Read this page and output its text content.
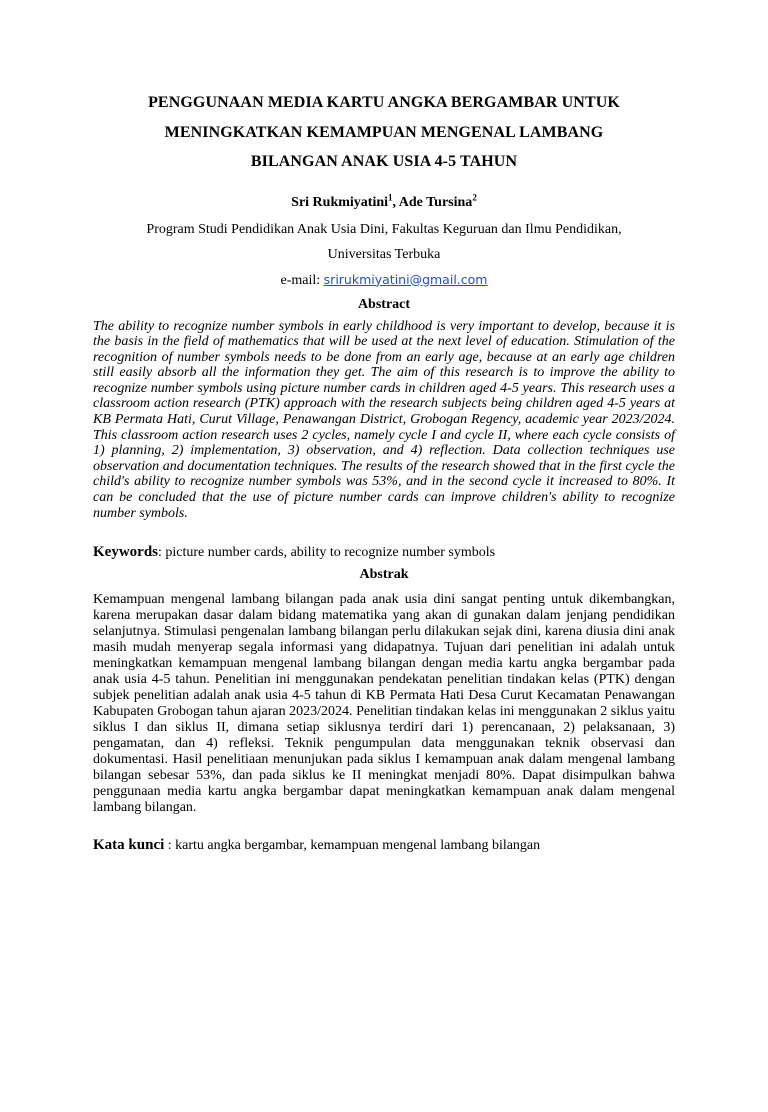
PENGGUNAAN MEDIA KARTU ANGKA BERGAMBAR UNTUK
MENINGKATKAN KEMAMPUAN MENGENAL LAMBANG
BILANGAN ANAK USIA 4-5 TAHUN
Sri Rukmiyatini$^1$, Ade Tursina$^2$
Program Studi Pendidikan Anak Usia Dini, Fakultas Keguruan dan Ilmu Pendidikan,
Universitas Terbuka
e-mail: srirukmiyatini@gmail.com
Abstract
The ability to recognize number symbols in early childhood is very important to develop, because it is the basis in the field of mathematics that will be used at the next level of education. Stimulation of the recognition of number symbols needs to be done from an early age, because at an early age children still easily absorb all the information they get. The aim of this research is to improve the ability to recognize number symbols using picture number cards in children aged 4-5 years. This research uses a classroom action research (PTK) approach with the research subjects being children aged 4-5 years at KB Permata Hati, Curut Village, Penawangan District, Grobogan Regency, academic year 2023/2024. This classroom action research uses 2 cycles, namely cycle I and cycle II, where each cycle consists of 1) planning, 2) implementation, 3) observation, and 4) reflection. Data collection techniques use observation and documentation techniques. The results of the research showed that in the first cycle the child's ability to recognize number symbols was 53%, and in the second cycle it increased to 80%. It can be concluded that the use of picture number cards can improve children's ability to recognize number symbols.
Keywords: picture number cards, ability to recognize number symbols
Abstrak
Kemampuan mengenal lambang bilangan pada anak usia dini sangat penting untuk dikembangkan, karena merupakan dasar dalam bidang matematika yang akan di gunakan dalam jenjang pendidikan selanjutnya. Stimulasi pengenalan lambang bilangan perlu dilakukan sejak dini, karena diusia dini anak masih mudah menyerap segala informasi yang didapatnya. Tujuan dari penelitian ini adalah untuk meningkatkan kemampuan mengenal lambang bilangan dengan media kartu angka bergambar pada anak usia 4-5 tahun. Penelitian ini menggunakan pendekatan penelitian tindakan kelas (PTK) dengan subjek penelitian adalah anak usia 4-5 tahun di KB Permata Hati Desa Curut Kecamatan Penawangan Kabupaten Grobogan tahun ajaran 2023/2024. Penelitian tindakan kelas ini menggunakan 2 siklus yaitu siklus I dan siklus II, dimana setiap siklusnya terdiri dari 1) perencanaan, 2) pelaksanaan, 3) pengamatan, dan 4) refleksi. Teknik pengumpulan data menggunakan teknik observasi dan dokumentasi. Hasil penelitiaan menunjukan pada siklus I kemampuan anak dalam mengenal lambang bilangan sebesar 53%, dan pada siklus ke II meningkat menjadi 80%. Dapat disimpulkan bahwa penggunaan media kartu angka bergambar dapat meningkatkan kemampuan anak dalam mengenal lambang bilangan.
Kata kunci : kartu angka bergambar, kemampuan mengenal lambang bilangan
